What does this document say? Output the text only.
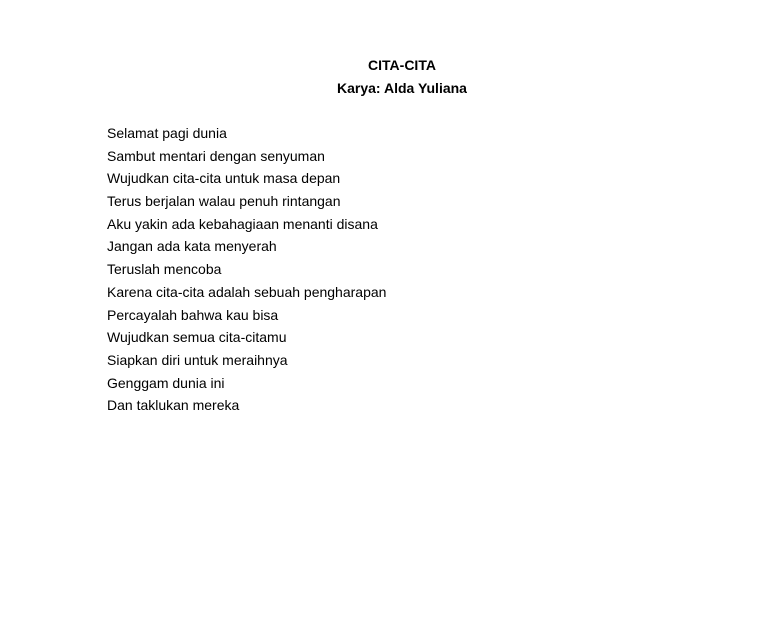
CITA-CITA
Karya: Alda Yuliana
Selamat pagi dunia
Sambut mentari dengan senyuman
Wujudkan cita-cita untuk masa depan
Terus berjalan walau penuh rintangan
Aku yakin ada kebahagiaan menanti disana
Jangan ada kata menyerah
Teruslah mencoba
Karena cita-cita adalah sebuah pengharapan
Percayalah bahwa kau bisa
Wujudkan semua cita-citamu
Siapkan diri untuk meraihnya
Genggam dunia ini
Dan taklukan mereka
